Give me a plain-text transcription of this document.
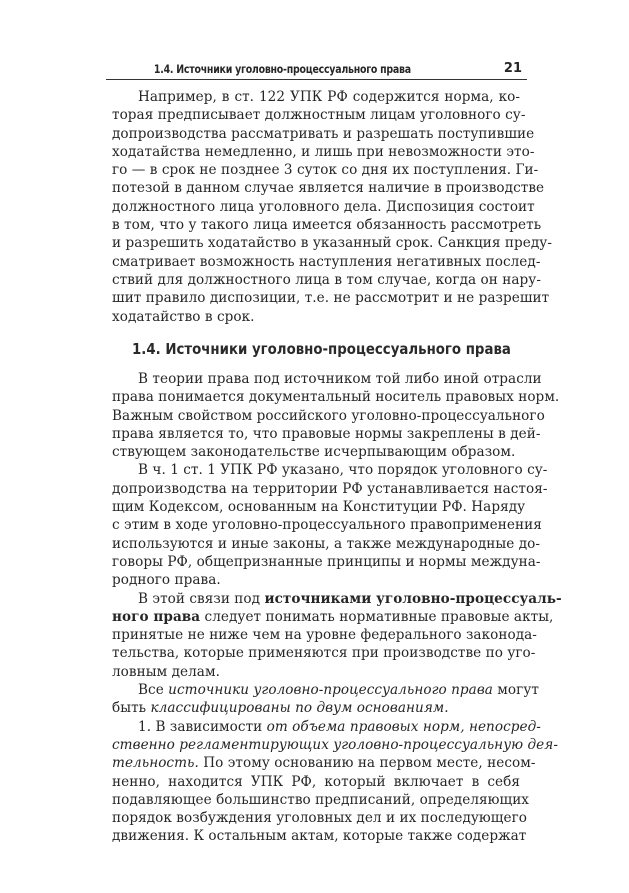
1.4. Источники уголовно-процессуального права	21
Например, в ст. 122 УПК РФ содержится норма, ко-
торая предписывает должностным лицам уголовного су-
допроизводства рассматривать и разрешать поступившие
ходатайства немедленно, и лишь при невозможности это-
го — в срок не позднее 3 суток со дня их поступления. Ги-
потезой в данном случае является наличие в производстве
должностного лица уголовного дела. Диспозиция состоит
в том, что у такого лица имеется обязанность рассмотреть
и разрешить ходатайство в указанный срок. Санкция преду-
сматривает возможность наступления негативных послед-
ствий для должностного лица в том случае, когда он нару-
шит правило диспозиции, т.е. не рассмотрит и не разрешит
ходатайство в срок.
1.4. Источники уголовно-процессуального права
В теории права под источником той либо иной отрасли
права понимается документальный носитель правовых норм.
Важным свойством российского уголовно-процессуального
права является то, что правовые нормы закреплены в дей-
ствующем законодательстве исчерпывающим образом.
В ч. 1 ст. 1 УПК РФ указано, что порядок уголовного су-
допроизводства на территории РФ устанавливается настоя-
щим Кодексом, основанным на Конституции РФ. Наряду
с этим в ходе уголовно-процессуального правоприменения
используются и иные законы, а также международные до-
говоры РФ, общепризнанные принципы и нормы междуна-
родного права.
В этой связи под источниками уголовно-процессуаль-
ного права следует понимать нормативные правовые акты,
принятые не ниже чем на уровне федерального законода-
тельства, которые применяются при производстве по уго-
ловным делам.
Все источники уголовно-процессуального права могут
быть классифицированы по двум основаниям.
1. В зависимости от объема правовых норм, непосред-
ственно регламентирующих уголовно-процессуальную дея-
тельность. По этому основанию на первом месте, несом-
ненно, находится УПК РФ, который включает в себя
подавляющее большинство предписаний, определяющих
порядок возбуждения уголовных дел и их последующего
движения. К остальным актам, которые также содержат
